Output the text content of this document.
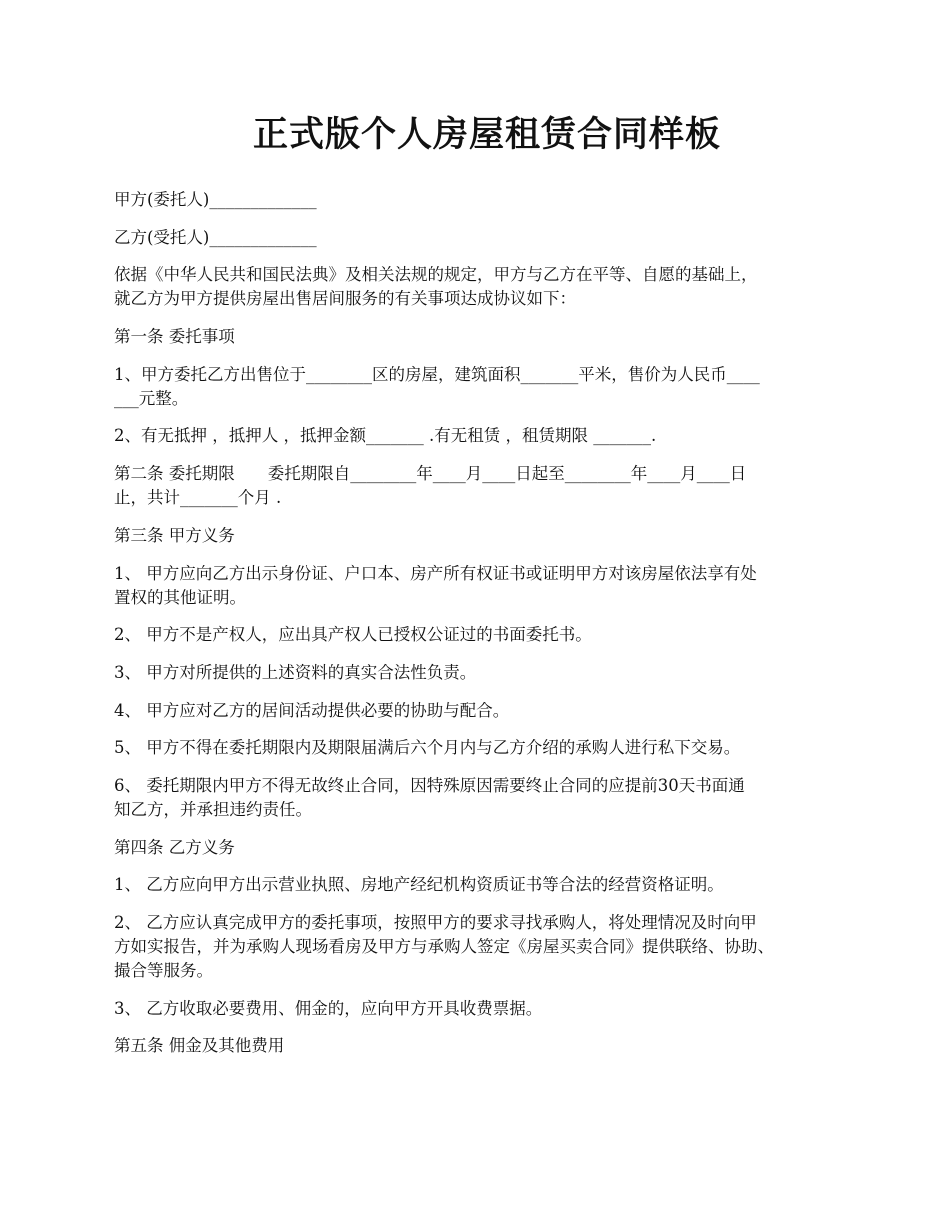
正式版个人房屋租赁合同样板

甲方(委托人)_____________

乙方(受托人)_____________

依据《中华人民共和国民法典》及相关法规的规定，甲方与乙方在平等、自愿的基础上，
就乙方为甲方提供房屋出售居间服务的有关事项达成协议如下：

第一条 委托事项

1、甲方委托乙方出售位于________区的房屋，建筑面积_______平米，售价为人民币____
___元整。

2、有无抵押 ，抵押人 ，抵押金额_______ .有无租赁 ，租赁期限 _______.

第二条 委托期限　　委托期限自________年____月____日起至________年____月____日
止，共计_______个月 .

第三条 甲方义务

1、 甲方应向乙方出示身份证、户口本、房产所有权证书或证明甲方对该房屋依法享有处
置权的其他证明。

2、 甲方不是产权人，应出具产权人已授权公证过的书面委托书。

3、 甲方对所提供的上述资料的真实合法性负责。

4、 甲方应对乙方的居间活动提供必要的协助与配合。

5、 甲方不得在委托期限内及期限届满后六个月内与乙方介绍的承购人进行私下交易。

6、 委托期限内甲方不得无故终止合同，因特殊原因需要终止合同的应提前30天书面通
知乙方，并承担违约责任。

第四条 乙方义务

1、 乙方应向甲方出示营业执照、房地产经纪机构资质证书等合法的经营资格证明。

2、 乙方应认真完成甲方的委托事项，按照甲方的要求寻找承购人，将处理情况及时向甲
方如实报告，并为承购人现场看房及甲方与承购人签定《房屋买卖合同》提供联络、协助、
撮合等服务。

3、 乙方收取必要费用、佣金的，应向甲方开具收费票据。

第五条 佣金及其他费用
